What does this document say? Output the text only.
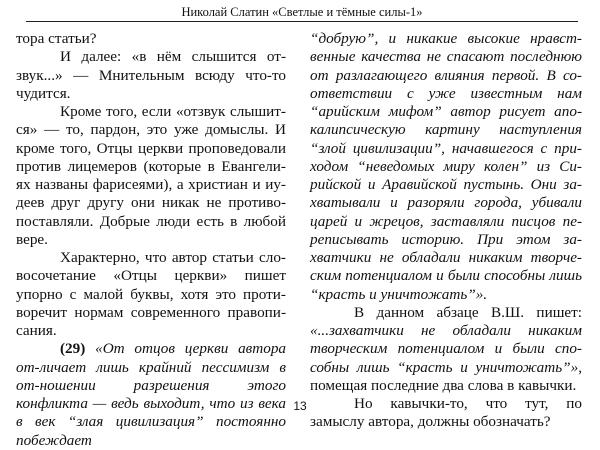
Николай Слатин «Светлые и тёмные силы-1»

тора статьи?

И далее: «в нём слышится от-звук...» — Мнительным всюду что-то чудится.

Кроме того, если «отзвук слышит-ся» — то, пардон, это уже домыслы. И кроме того, Отцы церкви проповедовали против лицемеров (которые в Евангели-ях названы фарисеями), а христиан и иу-деев друг другу они никак не противо-поставляли. Добрые люди есть в любой вере.

Характерно, что автор статьи сло-восочетание «Отцы церкви» пишет упорно с малой буквы, хотя это проти-воречит нормам современного правопи-сания.

(29) «От отцов церкви автора от-личает лишь крайний пессимизм в от-ношении разрешения этого конфликта — ведь выходит, что из века в век “злая цивилизация” постоянно побеждает

“добрую”, и никакие высокие нравст-венные качества не спасают последнюю от разлагающего влияния первой. В со-ответствии с уже известным нам “арийским мифом” автор рисует апо-калипсическую картину наступления “злой цивилизации”, начавшегося с при-ходом “неведомых миру колен” из Си-рийской и Аравийской пустынь. Они за-хватывали и разоряли города, убивали царей и жрецов, заставляли писцов пе-реписывать историю. При этом за-хватчики не обладали никаким творче-ским потенциалом и были способны лишь “красть и уничтожать”».

В данном абзаце В.Ш. пишет: «...захватчики не обладали никаким творческим потенциалом и были спо-собны лишь “красть и уничтожать”», помещая последние два слова в кавычки.

Но кавычки-то, что тут, по замыслу автора, должны обозначать?

13
